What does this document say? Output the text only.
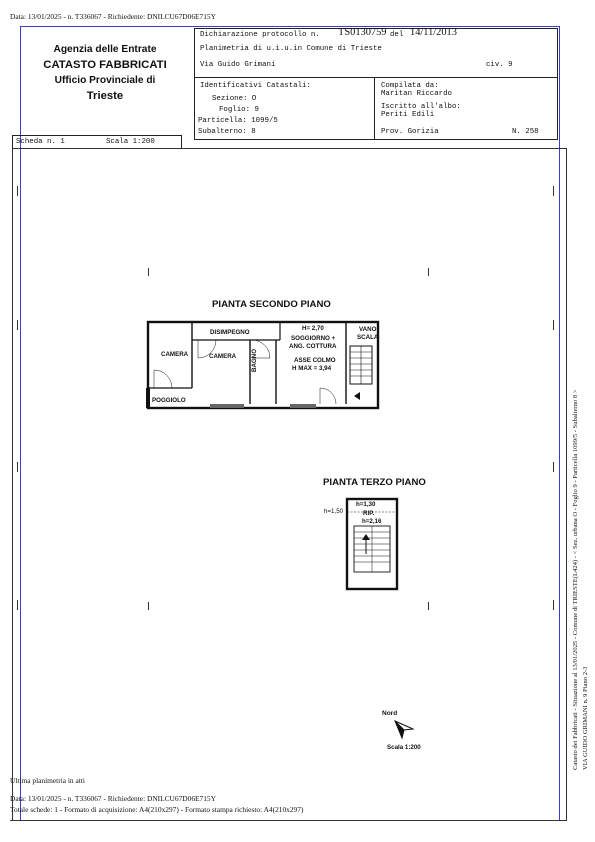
Data: 13/01/2025 - n. T336067 - Richiedente: DNILCU67D06E715Y
Agenzia delle Entrate
CATASTO FABBRICATI
Ufficio Provinciale di
Trieste
Dichiarazione protocollo n. TS0130759 del 14/11/2013
Planimetria di u.i.u.in Comune di Trieste
Via Guido Grimani	civ. 9
Identificativi Catastali:
Sezione: O
Foglio: 9
Particella: 1099/5
Subalterno: 8
Compilata da:
Maritan Riccardo
Iscritto all'albo:
Periti Edili
Prov. Gorizia	N. 258
Scheda n. 1	Scala 1:200
PIANTA SECONDO PIANO
DISIMPEGNO
CAMERA	CAMERA BAGNO
POGGIOLO
H= 2,70
SOGGIORNO +
ANG. COTTURA
ASSE COLMO
H MAX = 3,94
VANO
SCALA
PIANTA TERZO PIANO
h=1,50
h=1,30
RIP.
h=2,16
Nord
Scala 1:200
Ultima planimetria in atti
Data: 13/01/2025 - n. T336067 - Richiedente: DNILCU67D06E715Y
Totale schede: 1 - Formato di acquisizione: A4(210x297) - Formato stampa richiesto: A4(210x297)
Catasto dei Fabbricati - Situazione al 13/01/2025 - Comune di TRIESTE(L424) - < Sez. urbana O - Foglio 9 - Particella 1099/5 - Subalterno 8 > VIA GUIDO GRIMANI n. 9 Piano 2-3
